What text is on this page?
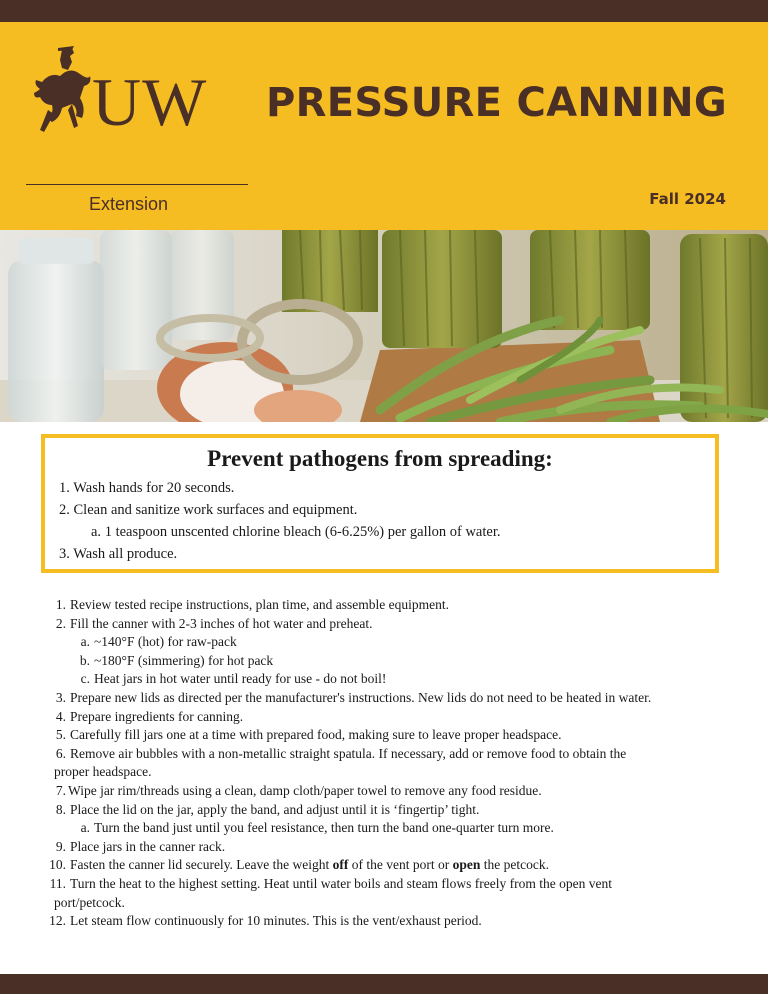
UW
Extension
PRESSURE CANNING
Fall 2024
Prevent pathogens from spreading:
1. Wash hands for 20 seconds.
2. Clean and sanitize work surfaces and equipment.
a. 1 teaspoon unscented chlorine bleach (6-6.25%) per gallon of water.
3. Wash all produce.
1. Review tested recipe instructions, plan time, and assemble equipment.
2. Fill the canner with 2-3 inches of hot water and preheat.
a. ~140°F (hot) for raw-pack
b. ~180°F (simmering) for hot pack
c. Heat jars in hot water until ready for use - do not boil!
3. Prepare new lids as directed per the manufacturer's instructions. New lids do not need to be heated in water.
4. Prepare ingredients for canning.
5. Carefully fill jars one at a time with prepared food, making sure to leave proper headspace.
6. Remove air bubbles with a non-metallic straight spatula. If necessary, add or remove food to obtain the
proper headspace.
7. Wipe jar rim/threads using a clean, damp cloth/paper towel to remove any food residue.
8. Place the lid on the jar, apply the band, and adjust until it is ‘fingertip’ tight.
a. Turn the band just until you feel resistance, then turn the band one-quarter turn more.
9. Place jars in the canner rack.
10. Fasten the canner lid securely. Leave the weight off of the vent port or open the petcock.
11. Turn the heat to the highest setting. Heat until water boils and steam flows freely from the open vent
port/petcock.
12. Let steam flow continuously for 10 minutes. This is the vent/exhaust period.
